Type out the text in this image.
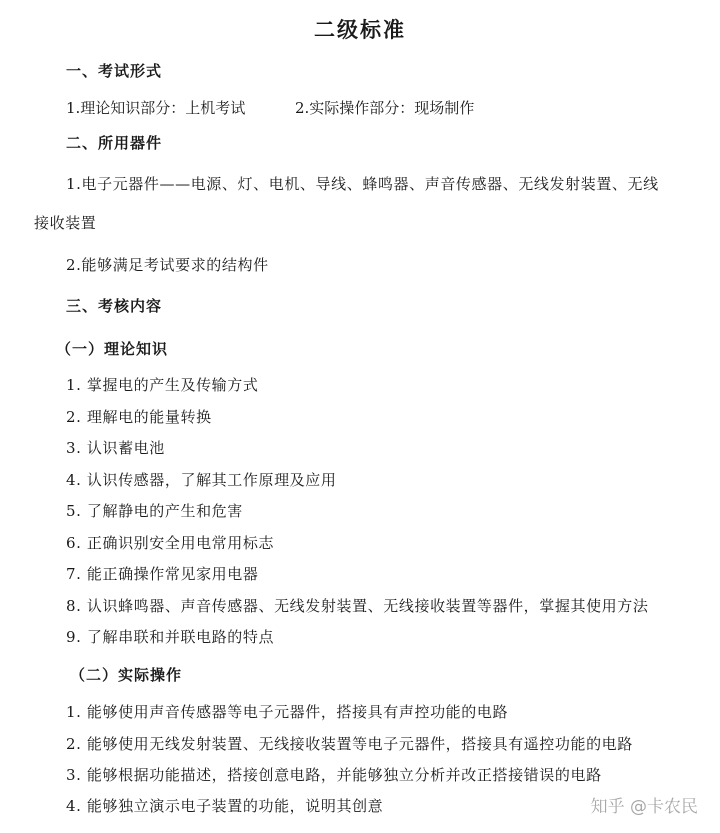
二级标准
一、考试形式
1.理论知识部分：上机考试	2.实际操作部分：现场制作
二、所用器件
1.电子元器件——电源、灯、电机、导线、蜂鸣器、声音传感器、无线发射装置、无线
接收装置
2.能够满足考试要求的结构件
三、考核内容
（一）理论知识
1. 掌握电的产生及传输方式
2. 理解电的能量转换
3. 认识蓄电池
4. 认识传感器，了解其工作原理及应用
5. 了解静电的产生和危害
6. 正确识别安全用电常用标志
7. 能正确操作常见家用电器
8. 认识蜂鸣器、声音传感器、无线发射装置、无线接收装置等器件，掌握其使用方法
9. 了解串联和并联电路的特点
（二）实际操作
1. 能够使用声音传感器等电子元器件，搭接具有声控功能的电路
2. 能够使用无线发射装置、无线接收装置等电子元器件，搭接具有遥控功能的电路
3. 能够根据功能描述，搭接创意电路，并能够独立分析并改正搭接错误的电路
4. 能够独立演示电子装置的功能，说明其创意	知乎 @卡农民
